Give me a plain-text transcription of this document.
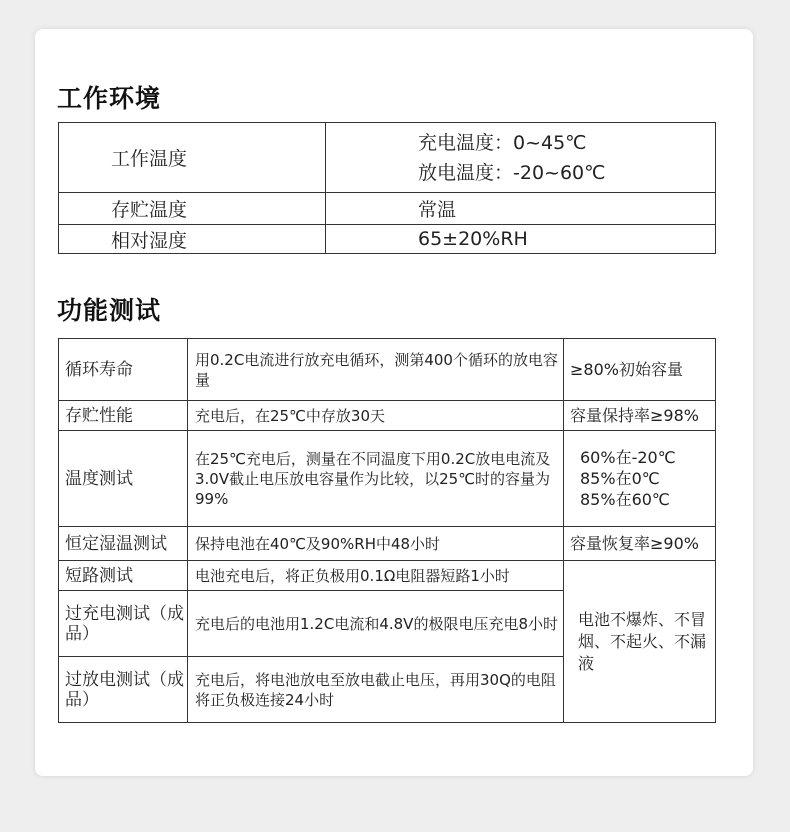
工作环境
工作温度	充电温度：0~45℃
放电温度：-20~60℃

存贮温度	常温
相对湿度	65±20%RH
功能测试
循环寿命	用0.2C电流进行放充电循环，测第400个循环的放电容量	≥80%初始容量
存贮性能	充电后，在25℃中存放30天	容量保持率≥98%
温度测试	在25℃充电后，测量在不同温度下用0.2C放电电流及3.0V截止电压放电容量作为比较，以25℃时的容量为99%	60%在-20℃
85%在0℃
85%在60℃

恒定湿温测试	保持电池在40℃及90%RH中48小时	容量恢复率≥90%
短路测试	电池充电后，将正负极用0.1Ω电阻器短路1小时	电池不爆炸、不冒烟、不起火、不漏液
过充电测试（成品）	充电后的电池用1.2C电流和4.8V的极限电压充电8小时	
过放电测试（成品）	充电后，将电池放电至放电截止电压，再用30Q的电阻将正负极连接24小时	
